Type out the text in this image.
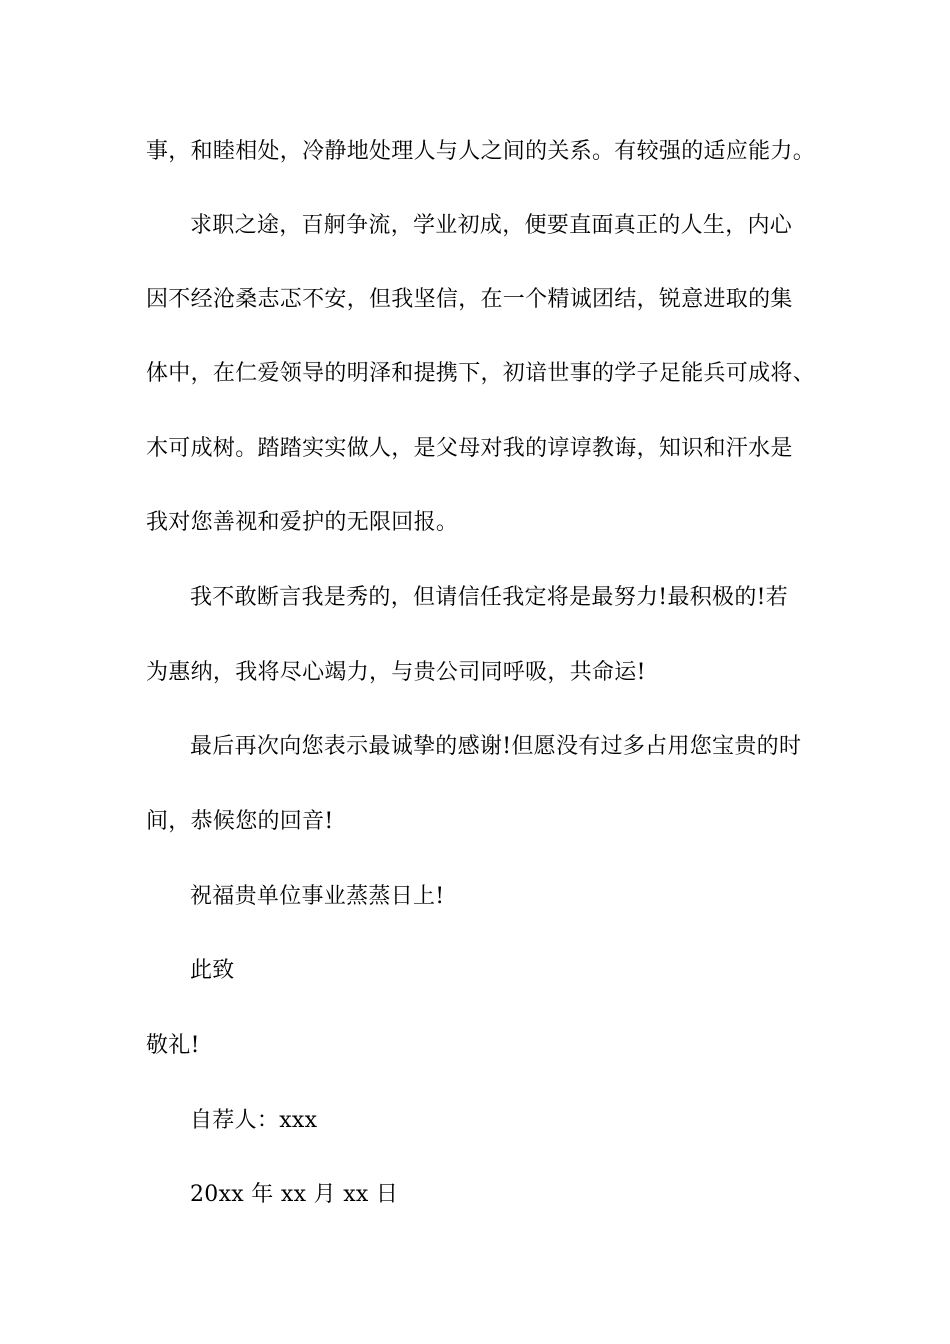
事，和睦相处，冷静地处理人与人之间的关系。有较强的适应能力。
求职之途，百舸争流，学业初成，便要直面真正的人生，内心
因不经沧桑志忑不安，但我坚信，在一个精诚团结，锐意进取的集
体中，在仁爱领导的明泽和提携下，初谙世事的学子足能兵可成将、
木可成树。踏踏实实做人，是父母对我的谆谆教诲，知识和汗水是
我对您善视和爱护的无限回报。
我不敢断言我是秀的，但请信任我定将是最努力!最积极的!若
为惠纳，我将尽心竭力，与贵公司同呼吸，共命运!
最后再次向您表示最诚挚的感谢!但愿没有过多占用您宝贵的时
间，恭候您的回音!
祝福贵单位事业蒸蒸日上!
此致
敬礼!
自荐人：xxx
20xx 年 xx 月 xx 日
